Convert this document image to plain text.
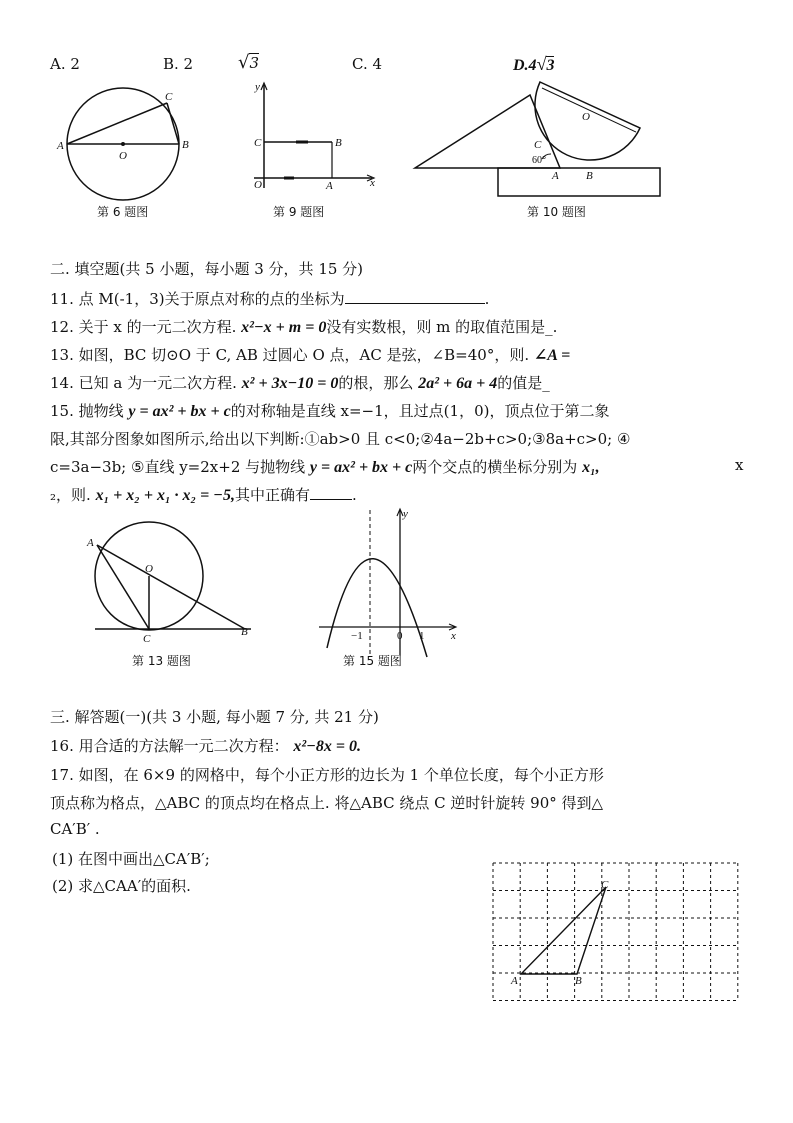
A. 2	B. 2 √3	C. 4	D.4√3
A	B
C
O
第 6 题图
y
x
C	B
O	A
第 9 题图
O
C
60°
A B
第 10 题图
二. 填空题(共 5 小题，每小题 3 分，共 15 分)
11. 点 M(-1，3)关于原点对称的点的坐标为	.
12. 关于 x 的一元二次方程. x²−x + m = 0没有实数根，则 m 的取值范围是_.
13. 如图，BC 切⊙O 于 C, AB 过圆心 O 点，AC 是弦，∠B=40°，则. ∠A =
14. 已知 a 为一元二次方程. x² + 3x−10 = 0的根，那么 2a² + 6a + 4的值是_
15. 抛物线 y = ax² + bx + c的对称轴是直线 x=−1，且过点(1，0)，顶点位于第二象
限,其部分图象如图所示,给出以下判断:①ab>0 且 c<0;②4a−2b+c>0;③8a+c>0; ④
c=3a−3b; ⑤直线 y=2x+2 与抛物线 y = ax² + bx + c两个交点的横坐标分别为 x₁,	x
₂，则. x₁ + x₂ + x₁ · x₂ = −5,其中正确有	.
A
O
C
B
第 13 题图
y
x
−1	0 1
第 15 题图
三. 解答题(一)(共 3 小题, 每小题 7 分, 共 21 分)
16. 用合适的方法解一元二次方程： x²−8x = 0.
17. 如图，在 6×9 的网格中，每个小正方形的边长为 1 个单位长度，每个小正方形
顶点称为格点，△ABC 的顶点均在格点上. 将△ABC 绕点 C 逆时针旋转 90° 得到△
CA′B′ .
(1) 在图中画出△CA′B′;
(2) 求△CAA′的面积.
A	B
C
